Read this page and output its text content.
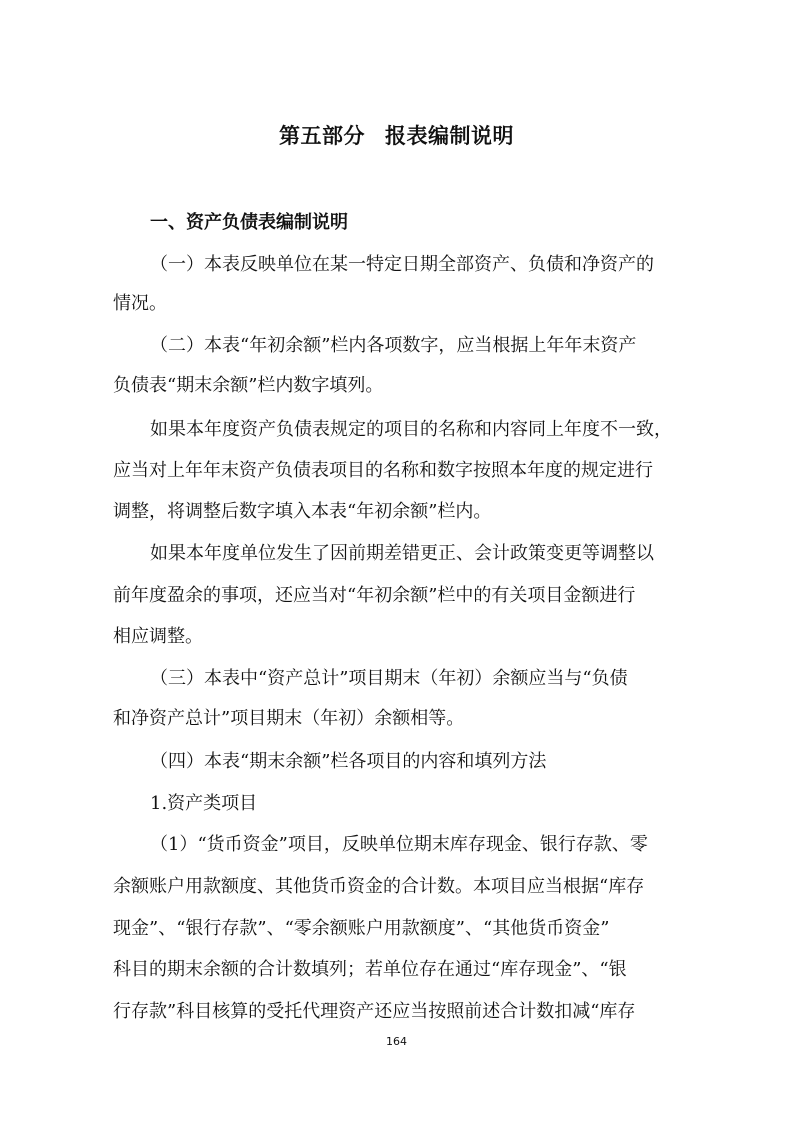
第五部分 报表编制说明
一、资产负债表编制说明
（一）本表反映单位在某一特定日期全部资产、负债和净资产的
情况。
（二）本表“年初余额”栏内各项数字，应当根据上年年末资产
负债表“期末余额”栏内数字填列。
如果本年度资产负债表规定的项目的名称和内容同上年度不一致，
应当对上年年末资产负债表项目的名称和数字按照本年度的规定进行
调整，将调整后数字填入本表“年初余额”栏内。
如果本年度单位发生了因前期差错更正、会计政策变更等调整以
前年度盈余的事项，还应当对“年初余额”栏中的有关项目金额进行
相应调整。
（三）本表中“资产总计”项目期末（年初）余额应当与“负债
和净资产总计”项目期末（年初）余额相等。
（四）本表“期末余额”栏各项目的内容和填列方法
1.资产类项目
（1）“货币资金”项目，反映单位期末库存现金、银行存款、零
余额账户用款额度、其他货币资金的合计数。本项目应当根据“库存
现金”、“银行存款”、“零余额账户用款额度”、“其他货币资金”
科目的期末余额的合计数填列；若单位存在通过“库存现金”、“银
行存款”科目核算的受托代理资产还应当按照前述合计数扣减“库存
164
